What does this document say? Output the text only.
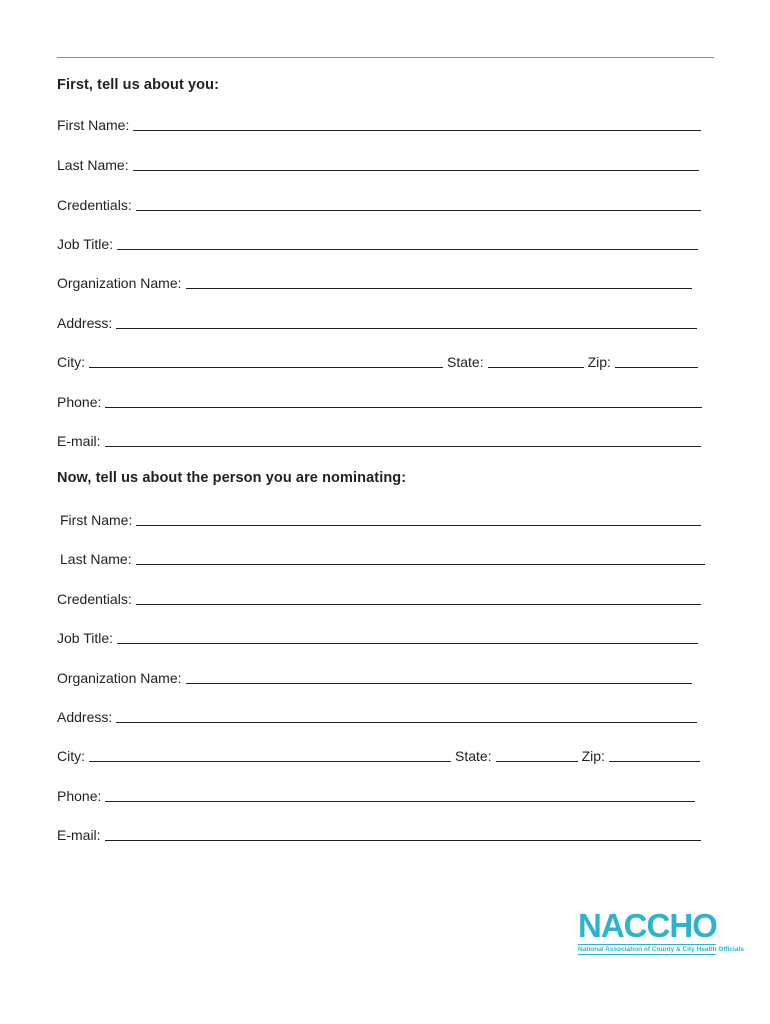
First, tell us about you:
First Name:
Last Name:
Credentials:
Job Title:
Organization Name:
Address:
City:	State:	Zip:
Phone:
E-mail:
Now, tell us about the person you are nominating:
First Name:
Last Name:
Credentials:
Job Title:
Organization Name:
Address:
City:	State:	Zip:
Phone:
E-mail:
NACCHO
National Association of County & City Health Officials
